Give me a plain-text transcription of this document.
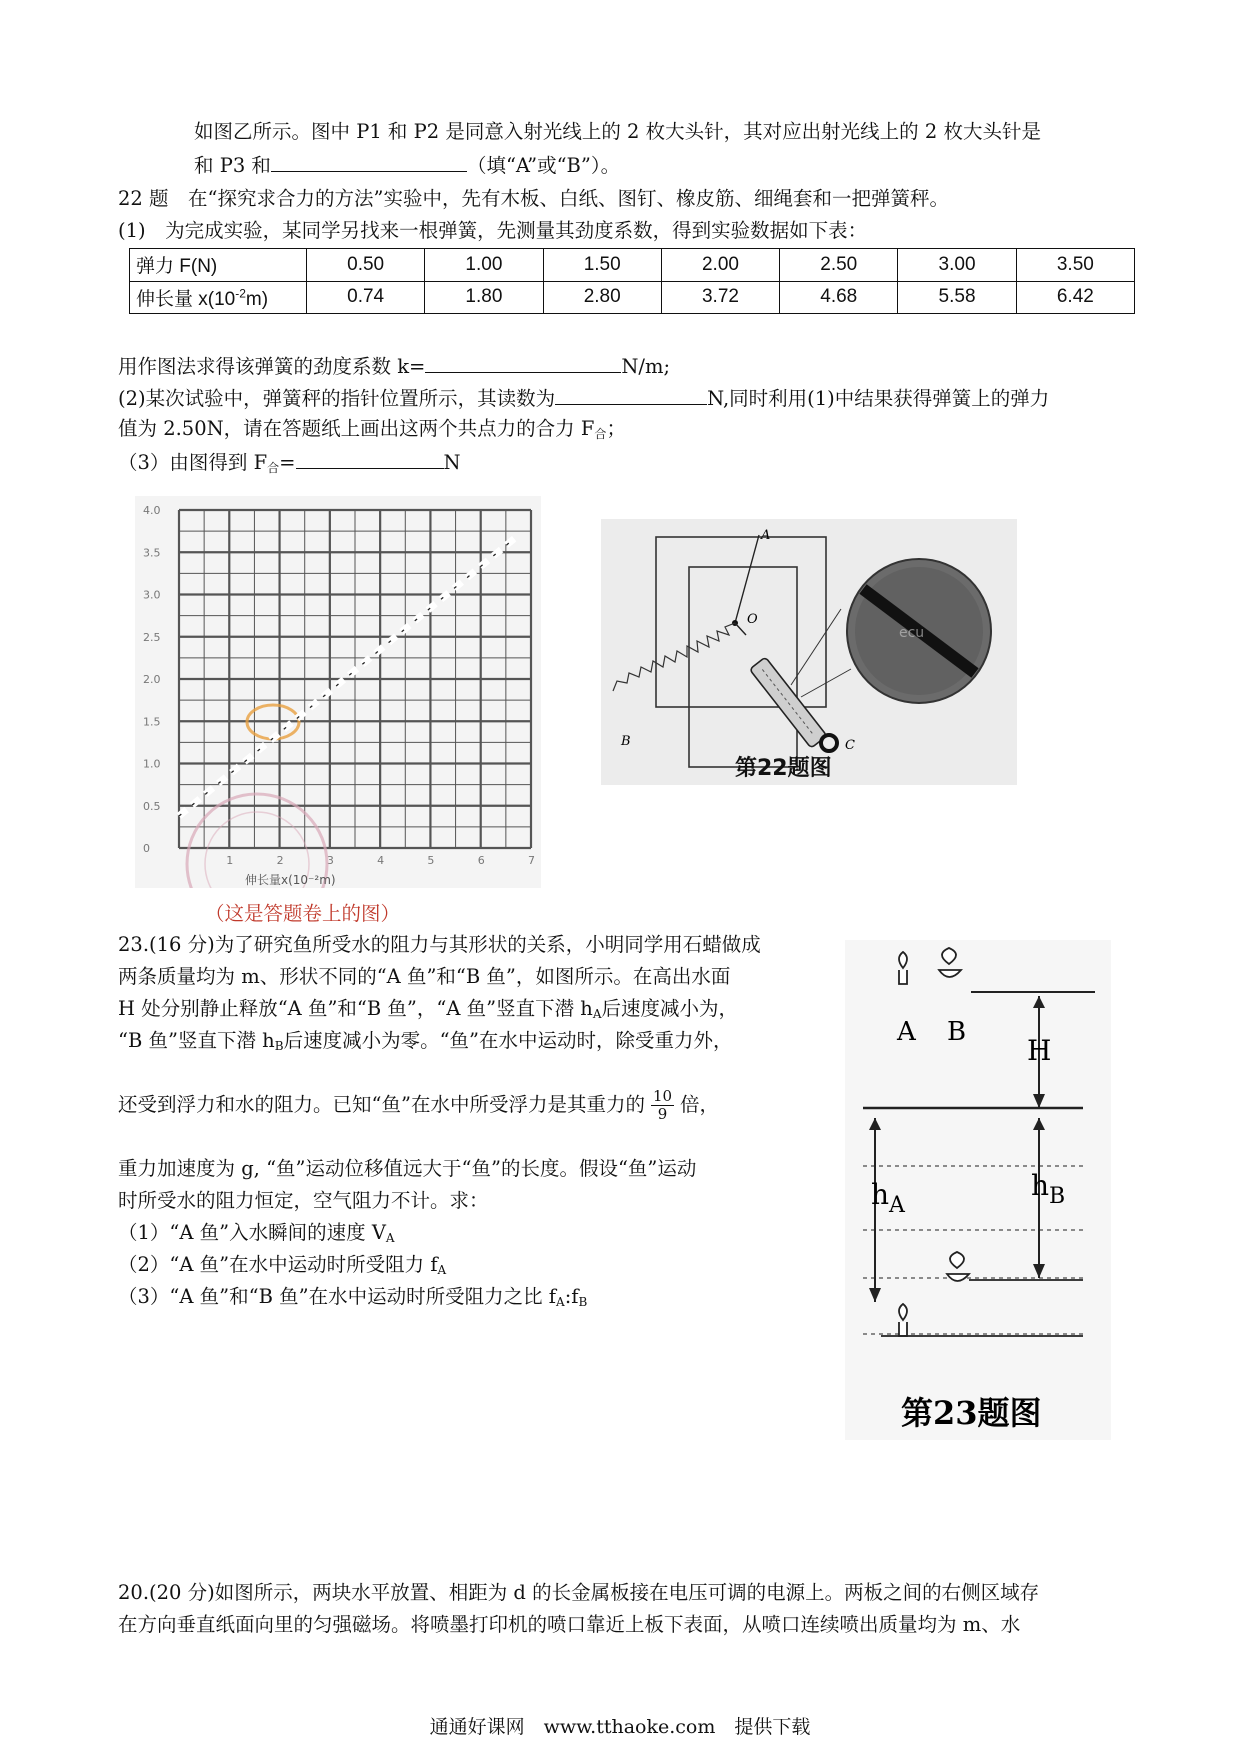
如图乙所示。图中 P1 和 P2 是同意入射光线上的 2 枚大头针，其对应出射光线上的 2 枚大头针是
和 P3 和	（填“A”或“B”）。
22 题　在“探究求合力的方法”实验中，先有木板、白纸、图钉、橡皮筋、细绳套和一把弹簧秤。
(1)　为完成实验，某同学另找来一根弹簧，先测量其劲度系数，得到实验数据如下表：
弹力 F(N)	0.50	1.00	1.50	2.00	2.50	3.00	3.50
伸长量 $x(10^{-2}m)$	0.74	1.80	2.80	3.72	4.68	5.58	6.42
用作图法求得该弹簧的劲度系数 k=	N/m;
(2)某次试验中，弹簧秤的指针位置所示，其读数为	N,同时利用(1)中结果获得弹簧上的弹力
值为 2.50N，请在答题纸上画出这两个共点力的合力 $F_合$；
（3）由图得到 $F_合=$	N
4.0
3.5
3.0
2.5
2.0
1.5
1.0
0.5
0
1	2	3	4	5	6	7
伸长量x(10⁻²m)
（这是答题卷上的图）
A
O
B	C
ecu
第22题图
23.(16 分)为了研究鱼所受水的阻力与其形状的关系，小明同学用石蜡做成
两条质量均为 m、形状不同的“A 鱼”和“B 鱼”，如图所示。在高出水面
H 处分别静止释放“A 鱼”和“B 鱼”，“A 鱼”竖直下潜 $h_A$后速度减小为，
“B 鱼”竖直下潜 $h_B$后速度减小为零。“鱼”在水中运动时，除受重力外，
还受到浮力和水的阻力。已知“鱼”在水中所受浮力是其重力的 $\frac{10}{9}$ 倍，
重力加速度为 g, “鱼”运动位移值远大于“鱼”的长度。假设“鱼”运动
时所受水的阻力恒定，空气阻力不计。求：
（1）“A 鱼”入水瞬间的速度 $V_A$
（2）“A 鱼”在水中运动时所受阻力 $f_A$
（3）“A 鱼”和“B 鱼”在水中运动时所受阻力之比 $f_A:f_B$
A B
H
$h_B$
$h_A$
第23题图
20.(20 分)如图所示，两块水平放置、相距为 d 的长金属板接在电压可调的电源上。两板之间的右侧区域存
在方向垂直纸面向里的匀强磁场。将喷墨打印机的喷口靠近上板下表面，从喷口连续喷出质量均为 m、水
通通好课网　www.tthaoke.com　提供下载
